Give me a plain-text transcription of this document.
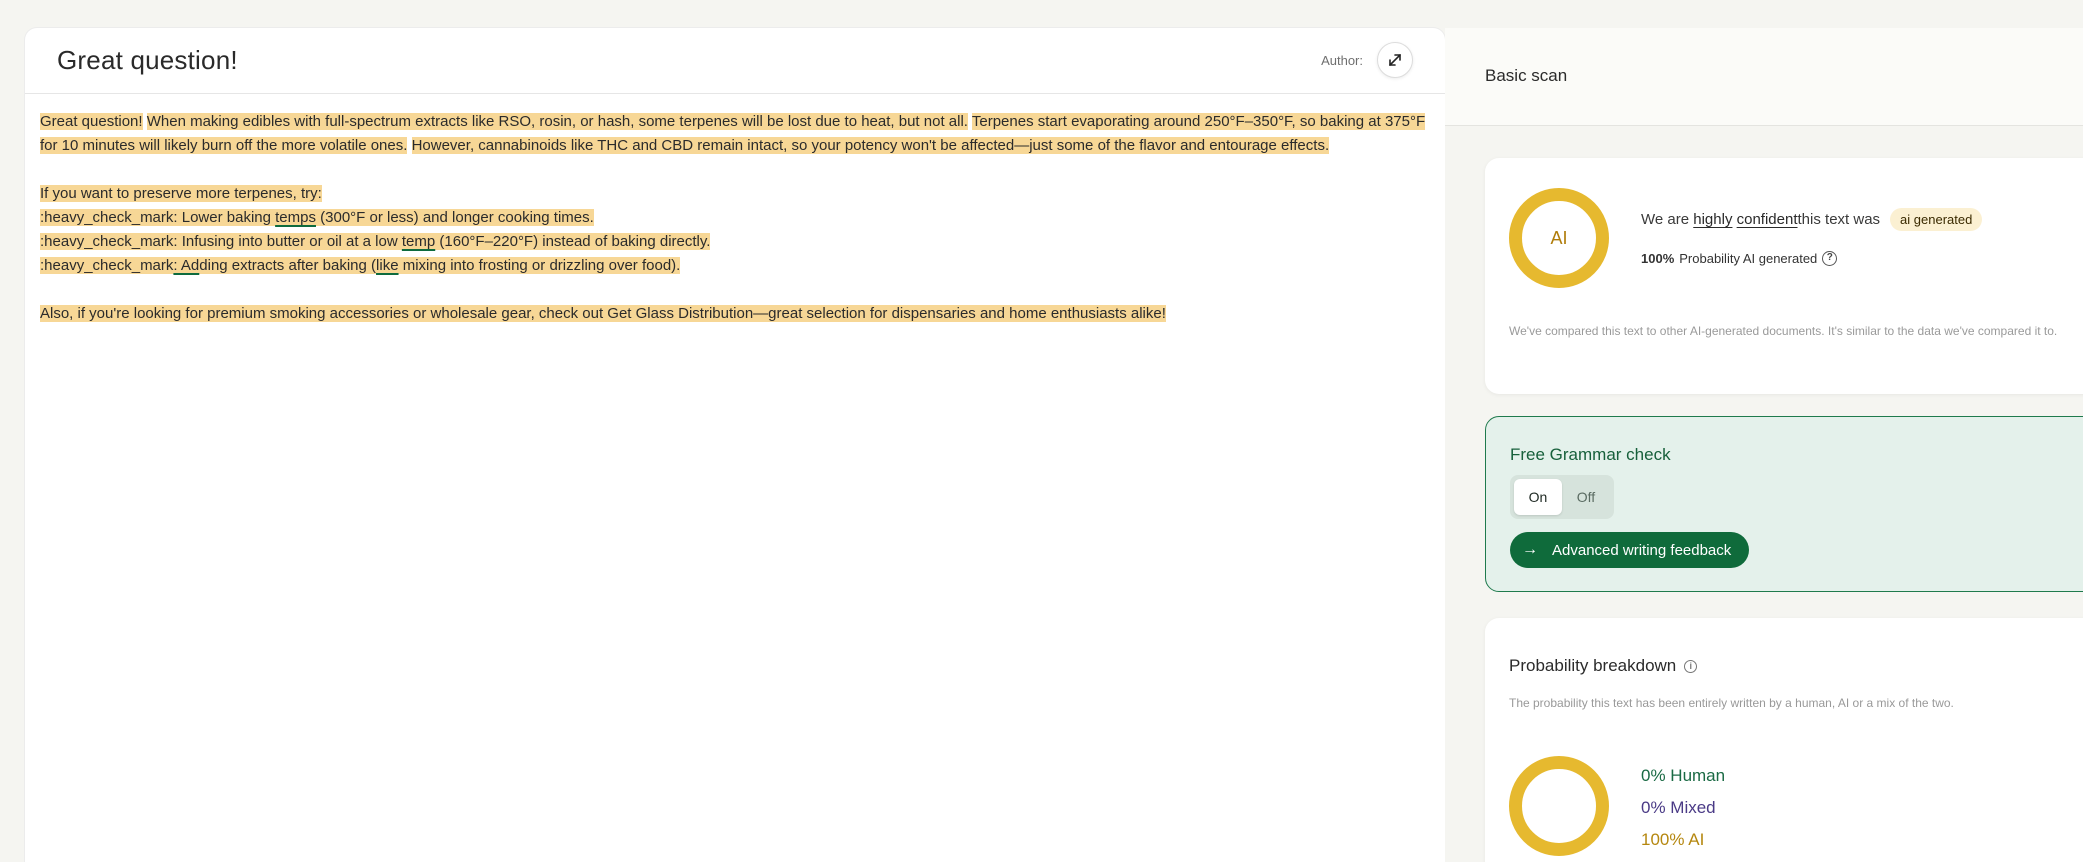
Great question!	Author:
Great question! When making edibles with full-spectrum extracts like RSO, rosin, or hash, some terpenes will be lost due to heat, but not all. Terpenes start evaporating around 250°F–350°F, so baking at 375°F for 10 minutes will likely burn off the more volatile ones. However, cannabinoids like THC and CBD remain intact, so your potency won't be affected—just some of the flavor and entourage effects.
If you want to preserve more terpenes, try:
:heavy_check_mark: Lower baking temps (300°F or less) and longer cooking times.
:heavy_check_mark: Infusing into butter or oil at a low temp (160°F–220°F) instead of baking directly.
:heavy_check_mark: Adding extracts after baking (like mixing into frosting or drizzling over food).
Also, if you're looking for premium smoking accessories or wholesale gear, check out Get Glass Distribution—great selection for dispensaries and home enthusiasts alike!
Basic scan
AI
We are
highly
confident this text was	ai generated
100% Probability AI generated ?
We've compared this text to other AI-generated documents. It's similar to the data we've compared it to.
Free Grammar check
On	Off
→ Advanced writing feedback
Probability breakdown	i
The probability this text has been entirely written by a human, AI or a mix of the two.
0% Human
0% Mixed
100% AI
